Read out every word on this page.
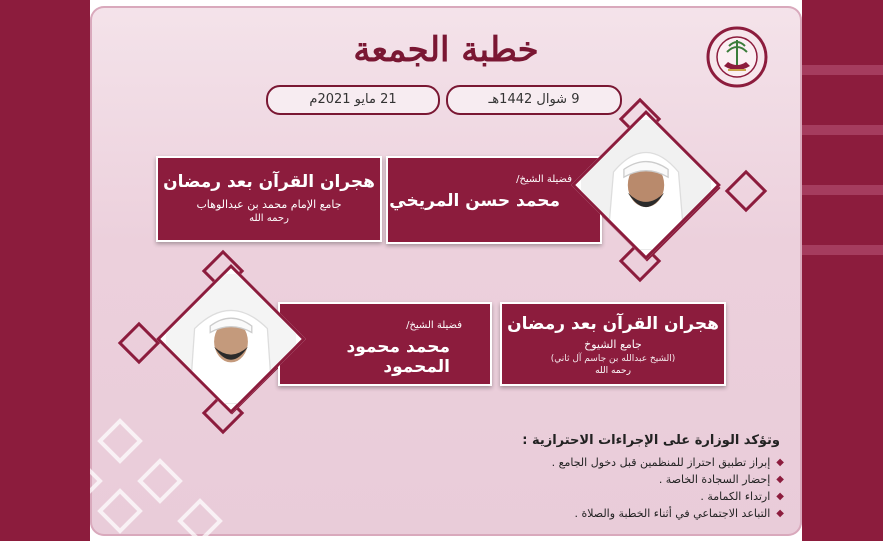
خطبة الجمعة
9 شوال 1442هـ
21 مايو 2021م
فضيلة الشيخ/
محمد حسن المريخي
هجران القرآن بعد رمضان
جامع الإمام محمد بن عبدالوهاب
رحمه الله
فضيلة الشيخ/
محمد محمود المحمود
هجران القرآن بعد رمضان
جامع الشيوخ
(الشيخ عبدالله بن جاسم آل ثاني)
رحمه الله
وتؤكد الوزارة على الإجراءات الاحترازية :
◆
إبراز تطبيق احتراز للمنظمين قبل دخول الجامع .
◆
إحضار السجادة الخاصة .
◆
ارتداء الكمامة .
◆
التباعد الاجتماعي في أثناء الخطبة والصلاة .
